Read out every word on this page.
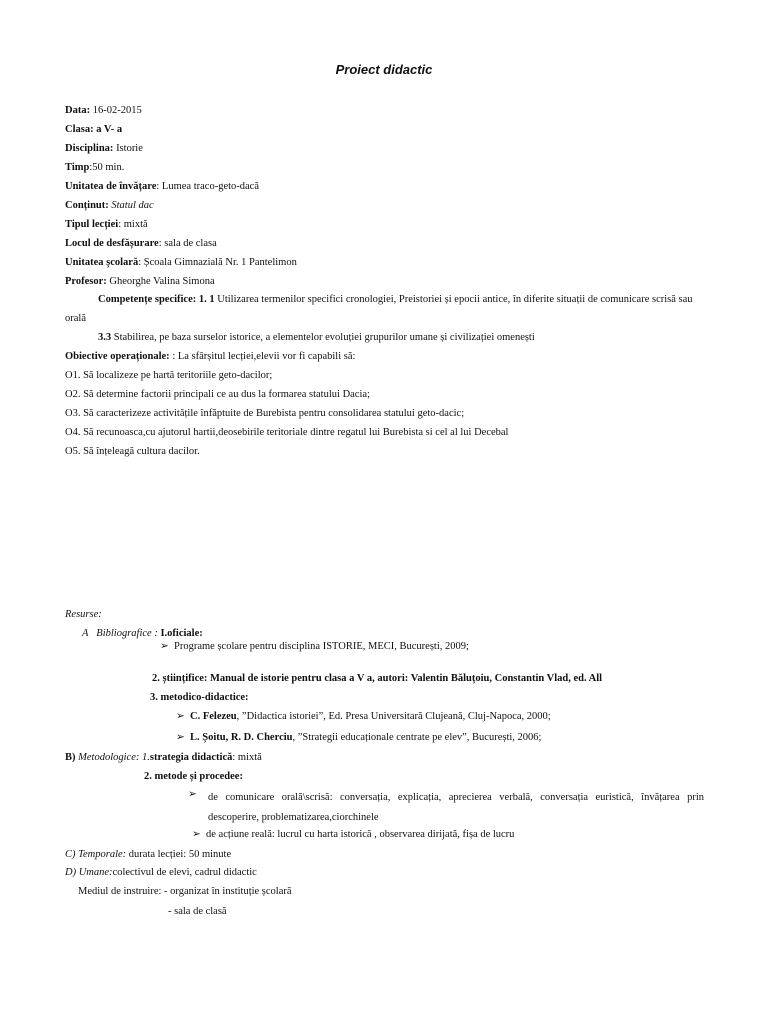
Proiect didactic
Data: 16-02-2015
Clasa: a V- a
Disciplina: Istorie
Timp:50 min.
Unitatea de învățare: Lumea traco-geto-dacă
Conținut: Statul dac
Tipul lecției: mixtă
Locul de desfășurare: sala de clasa
Unitatea școlară: Școala Gimnazială Nr. 1 Pantelimon
Profesor: Gheorghe Valina Simona
Competențe specifice: 1. 1 Utilizarea termenilor specifici cronologiei, Preistoriei și epocii antice, în diferite situații de comunicare scrisă sau orală
3.3 Stabilirea, pe baza surselor istorice, a elementelor evoluției grupurilor umane și civilizației omenești
Obiective operaționale: : La sfârșitul lecției,elevii vor fi capabili să:
O1. Să localizeze pe hartă teritoriile geto-dacilor;
O2. Să determine factorii principali ce au dus la formarea statului Dacia;
O3. Să caracterizeze activitățile înfăptuite de Burebista pentru consolidarea statului geto-dacic;
O4. Să recunoasca,cu ajutorul hartii,deosebirile teritoriale dintre regatul lui Burebista si cel al lui Decebal
O5. Să înțeleagă cultura dacilor.
Resurse:
A Bibliografice : I.oficiale:
➢ Programe școlare pentru disciplina ISTORIE, MECI, București, 2009;
2. științifice: Manual de istorie pentru clasa a V a, autori: Valentin Băluțoiu, Constantin Vlad, ed. All
3. metodico-didactice:
➢ C. Felezeu, ”Didactica istoriei”, Ed. Presa Universitară Clujeană, Cluj-Napoca, 2000;
➢ L. Șoitu, R. D. Cherciu, ”Strategii educaționale centrate pe elev”, București, 2006;
B) Metodologice: 1.strategia didactică: mixtă
2. metode și procedee:
➢	de comunicare orală\scrisă: conversația, explicația, aprecierea verbală, conversația euristică, învățarea prin descoperire, problematizarea,ciorchinele
➢ de acțiune reală: lucrul cu harta istorică , observarea dirijată, fișa de lucru
C) Temporale: durata lecției: 50 minute
D) Umane:colectivul de elevi, cadrul didactic
Mediul de instruire: - organizat în instituție școlară
- sala de clasă
